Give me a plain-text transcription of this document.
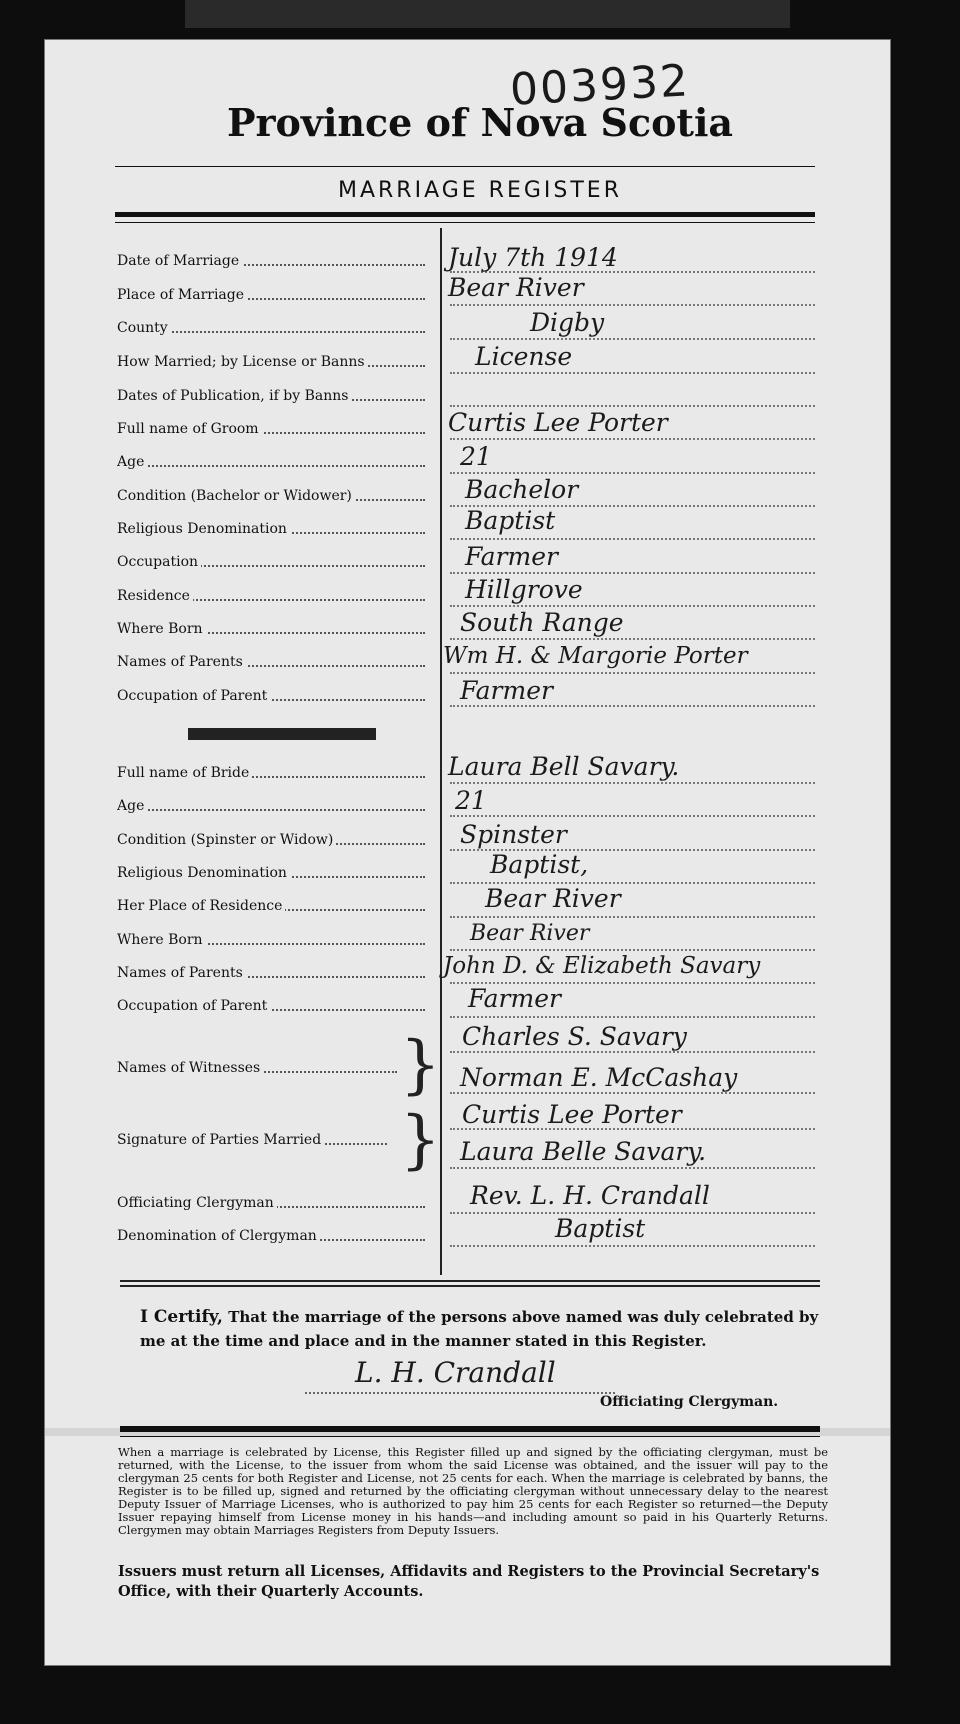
003932
Province of Nova Scotia
MARRIAGE REGISTER
Date of Marriage	July 7th 1914
Place of Marriage	Bear River
County	Digby
How Married; by License or Banns	License
Dates of Publication, if by Banns
Full name of Groom	Curtis Lee Porter
Age	21
Condition (Bachelor or Widower)	Bachelor
Religious Denomination	Baptist
Occupation	Farmer
Residence	Hillgrove
Where Born	South Range
Names of Parents	Wm H. & Margorie Porter
Occupation of Parent	Farmer
Full name of Bride	Laura Bell Savary.
Age	21
Condition (Spinster or Widow)	Spinster
Religious Denomination	Baptist,
Her Place of Residence	Bear River
Where Born	Bear River
Names of Parents	John D. & Elizabeth Savary
Occupation of Parent	Farmer
Names of Witnesses	} Charles S. Savary
Norman E. McCashay
Signature of Parties Married	} Curtis Lee Porter
Laura Belle Savary.
Officiating Clergyman	Rev. L. H. Crandall
Denomination of Clergyman	Baptist
I Certify, That the marriage of the persons above named was duly celebrated by me at the time and place and in the manner stated in this Register.
L. H. Crandall
Officiating Clergyman.
When a marriage is celebrated by License, this Register filled up and signed by the officiating clergyman, must be returned, with the License, to the issuer from whom the said License was obtained, and the issuer will pay to the clergyman 25 cents for both Register and License, not 25 cents for each. When the marriage is celebrated by banns, the Register is to be filled up, signed and returned by the officiating clergyman without unnecessary delay to the nearest Deputy Issuer of Marriage Licenses, who is authorized to pay him 25 cents for each Register so returned—the Deputy Issuer repaying himself from License money in his hands—and including amount so paid in his Quarterly Returns. Clergymen may obtain Marriages Registers from Deputy Issuers.
Issuers must return all Licenses, Affidavits and Registers to the Provincial Secretary's Office, with their Quarterly Accounts.
